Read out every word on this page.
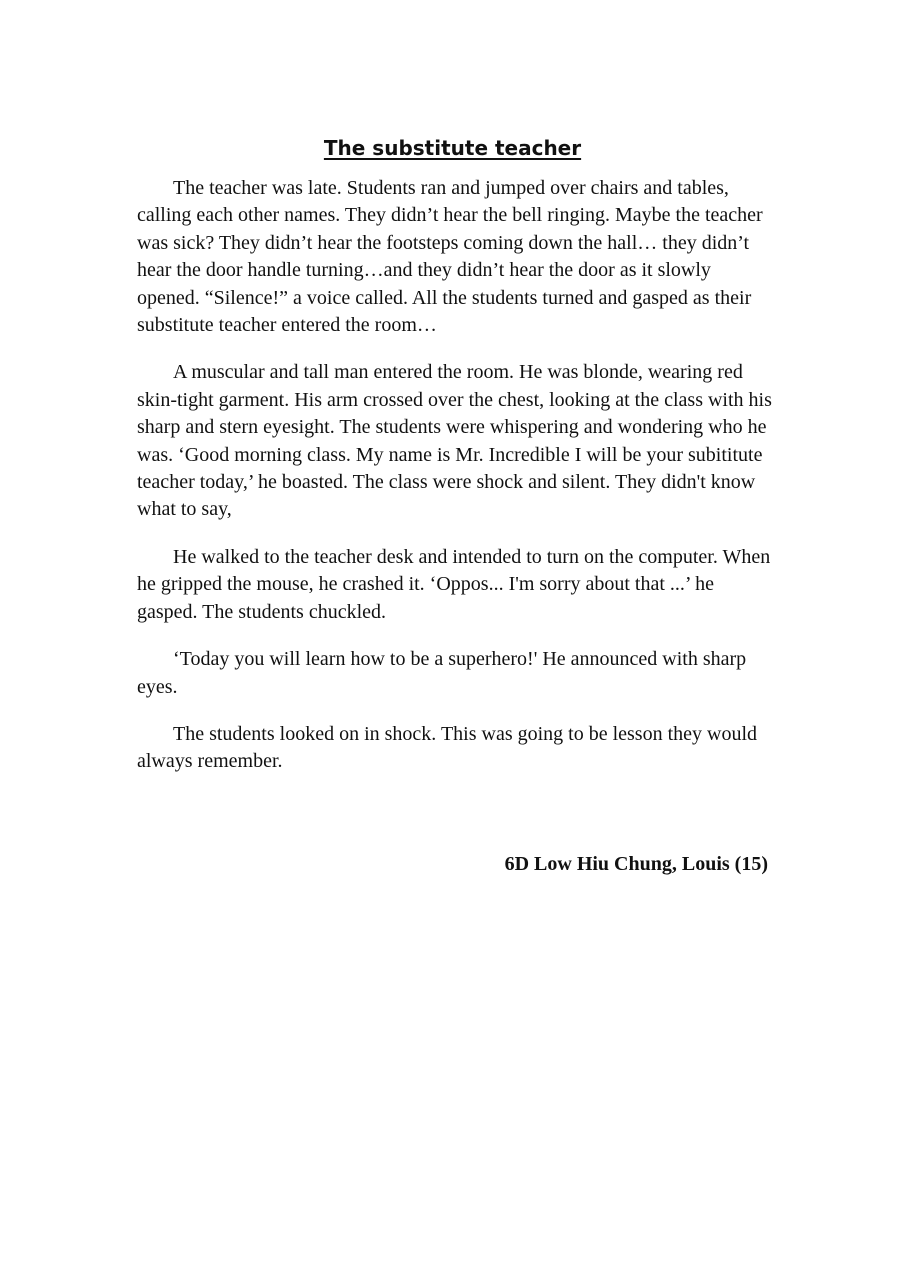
The substitute teacher

The teacher was late. Students ran and jumped over chairs and tables, calling each other names. They didn’t hear the bell ringing. Maybe the teacher was sick? They didn’t hear the footsteps coming down the hall… they didn’t hear the door handle turning…and they didn’t hear the door as it slowly opened. “Silence!” a voice called. All the students turned and gasped as their substitute teacher entered the room…

A muscular and tall man entered the room. He was blonde, wearing red skin-tight garment. His arm crossed over the chest, looking at the class with his sharp and stern eyesight. The students were whispering and wondering who he was. ‘Good morning class. My name is Mr. Incredible I will be your subititute teacher today,’ he boasted. The class were shock and silent. They didn't know what to say,

He walked to the teacher desk and intended to turn on the computer. When he gripped the mouse, he crashed it. ‘Oppos... I'm sorry about that ...’ he gasped. The students chuckled.

‘Today you will learn how to be a superhero!' He announced with sharp eyes.

The students looked on in shock. This was going to be lesson they would always remember.

6D Low Hiu Chung, Louis (15)
